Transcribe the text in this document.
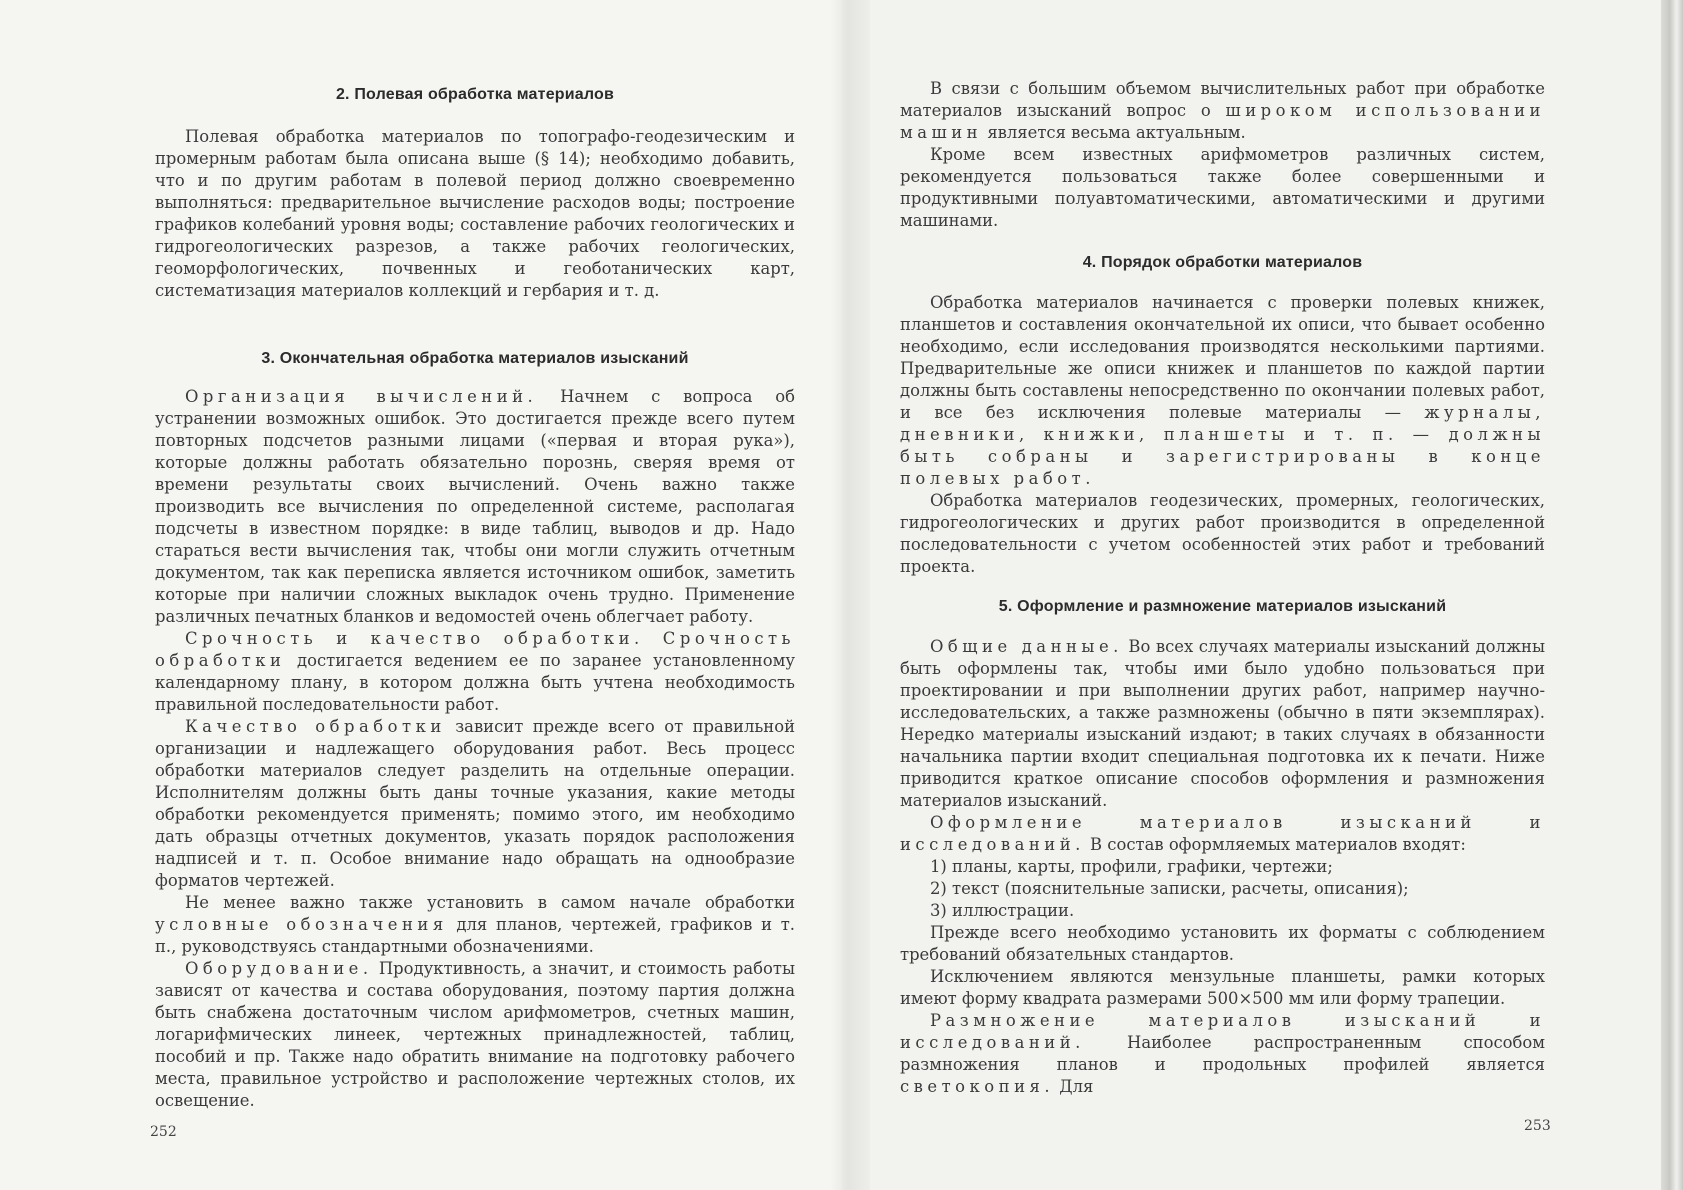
2. Полевая обработка материалов

Полевая обработка материалов по топографо-геодезическим и промерным работам была описана выше (§ 14); необходимо добавить, что и по другим работам в полевой период должно своевременно выполняться: предварительное вычисление расходов воды; построение графиков колебаний уровня воды; составление рабочих геологических и гидрогеологических разрезов, а также рабочих геологических, геоморфологических, почвенных и геоботанических карт, систематизация материалов коллекций и гербария и т. д.

3. Окончательная обработка материалов изысканий

Организация вычислений. Начнем с вопроса об устранении возможных ошибок. Это достигается прежде всего путем повторных подсчетов разными лицами («первая и вторая рука»), которые должны работать обязательно порознь, сверяя время от времени результаты своих вычислений. Очень важно также производить все вычисления по определенной системе, располагая подсчеты в известном порядке: в виде таблиц, выводов и др. Надо стараться вести вычисления так, чтобы они могли служить отчетным документом, так как переписка является источником ошибок, заметить которые при наличии сложных выкладок очень трудно. Применение различных печатных бланков и ведомостей очень облегчает работу.

Срочность и качество обработки. Срочность обработки достигается ведением ее по заранее установленному календарному плану, в котором должна быть учтена необходимость правильной последовательности работ.

Качество обработки зависит прежде всего от правильной организации и надлежащего оборудования работ. Весь процесс обработки материалов следует разделить на отдельные операции. Исполнителям должны быть даны точные указания, какие методы обработки рекомендуется применять; помимо этого, им необходимо дать образцы отчетных документов, указать порядок расположения надписей и т. п. Особое внимание надо обращать на однообразие форматов чертежей.

Не менее важно также установить в самом начале обработки условные обозначения для планов, чертежей, графиков и т. п., руководствуясь стандартными обозначениями.

Оборудование. Продуктивность, а значит, и стоимость работы зависят от качества и состава оборудования, поэтому партия должна быть снабжена достаточным числом арифмометров, счетных машин, логарифмических линеек, чертежных принадлежностей, таблиц, пособий и пр. Также надо обратить внимание на подготовку рабочего места, правильное устройство и расположение чертежных столов, их освещение.

252

В связи с большим объемом вычислительных работ при обработке материалов изысканий вопрос о широком использовании машин является весьма актуальным.

Кроме всем известных арифмометров различных систем, рекомендуется пользоваться также более совершенными и продуктивными полуавтоматическими, автоматическими и другими машинами.

4. Порядок обработки материалов

Обработка материалов начинается с проверки полевых книжек, планшетов и составления окончательной их описи, что бывает особенно необходимо, если исследования производятся несколькими партиями. Предварительные же описи книжек и планшетов по каждой партии должны быть составлены непосредственно по окончании полевых работ, и все без исключения полевые материалы — журналы, дневники, книжки, планшеты и т. п. — должны быть собраны и зарегистрированы в конце полевых работ.

Обработка материалов геодезических, промерных, геологических, гидрогеологических и других работ производится в определенной последовательности с учетом особенностей этих работ и требований проекта.

5. Оформление и размножение материалов изысканий

Общие данные. Во всех случаях материалы изысканий должны быть оформлены так, чтобы ими было удобно пользоваться при проектировании и при выполнении других работ, например научно-исследовательских, а также размножены (обычно в пяти экземплярах). Нередко материалы изысканий издают; в таких случаях в обязанности начальника партии входит специальная подготовка их к печати. Ниже приводится краткое описание способов оформления и размножения материалов изысканий.

Оформление материалов изысканий и исследований. В состав оформляемых материалов входят:

1) планы, карты, профили, графики, чертежи;

2) текст (пояснительные записки, расчеты, описания);

3) иллюстрации.

Прежде всего необходимо установить их форматы с соблюдением требований обязательных стандартов.

Исключением являются мензульные планшеты, рамки которых имеют форму квадрата размерами 500×500 мм или форму трапеции.

Размножение материалов изысканий и исследований. Наиболее распространенным способом размножения планов и продольных профилей является светокопия. Для

253
